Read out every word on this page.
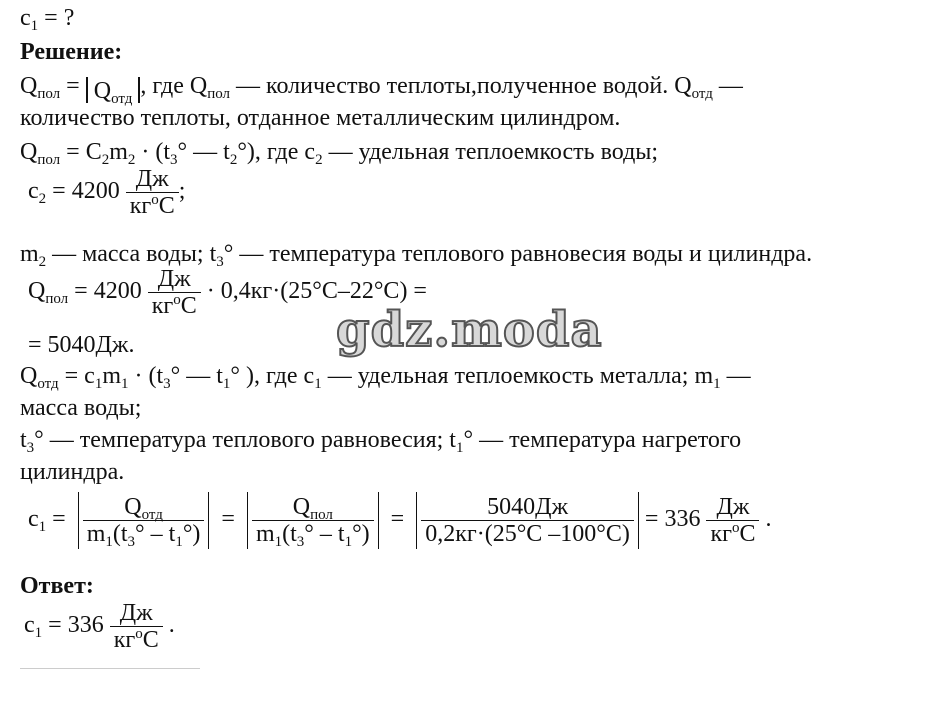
$c_1$ = ?
Решение:
$Q_{пол} = Q_{отд}$ , где $Q_{пол}$ — количество теплоты,полученное водой. $Q_{отд}$ —
количество теплоты, отданное металлическим цилиндром.
$Q_{пол} = C_2m_2 \cdot (t_3^\circ$ — $t_2^\circ$), где $c_2$ — удельная теплоемкость воды;
$c_2 = 4200 \frac{Дж}{кг^oC}$ ;
$m_2$ — масса воды; $t_3^\circ$ — температура теплового равновесия воды и цилиндра.
$Q_{пол} = 4200 \frac{Дж}{кг^oC} \cdot 0,4кг\cdot(25^\circ C-22^\circ C)$ =
= 5040Дж.	gdz.moda
$Q_{отд} = c_1m_1 \cdot (t_3^\circ$ — $t_1^\circ$ ), где $c_1$ — удельная теплоемкость металла; $m_1$ —
масса воды;
$t_3^\circ$ — температура теплового равновесия; $t_1^\circ$ — температура нагретого
цилиндра.
$c_1 = \frac{Q_{отд}}{m_1(t_3^\circ - t_1^\circ)} = \frac{Q_{пол}}{m_1(t_3^\circ - t_1^\circ)} = \frac{5040Дж}{0,2кг\cdot(25^\circ C -100^\circ C)} = 336 \frac{Дж}{кг^oC}$ .
Ответ:
$c_1 = 336 \frac{Дж}{кг^oC}$ .
